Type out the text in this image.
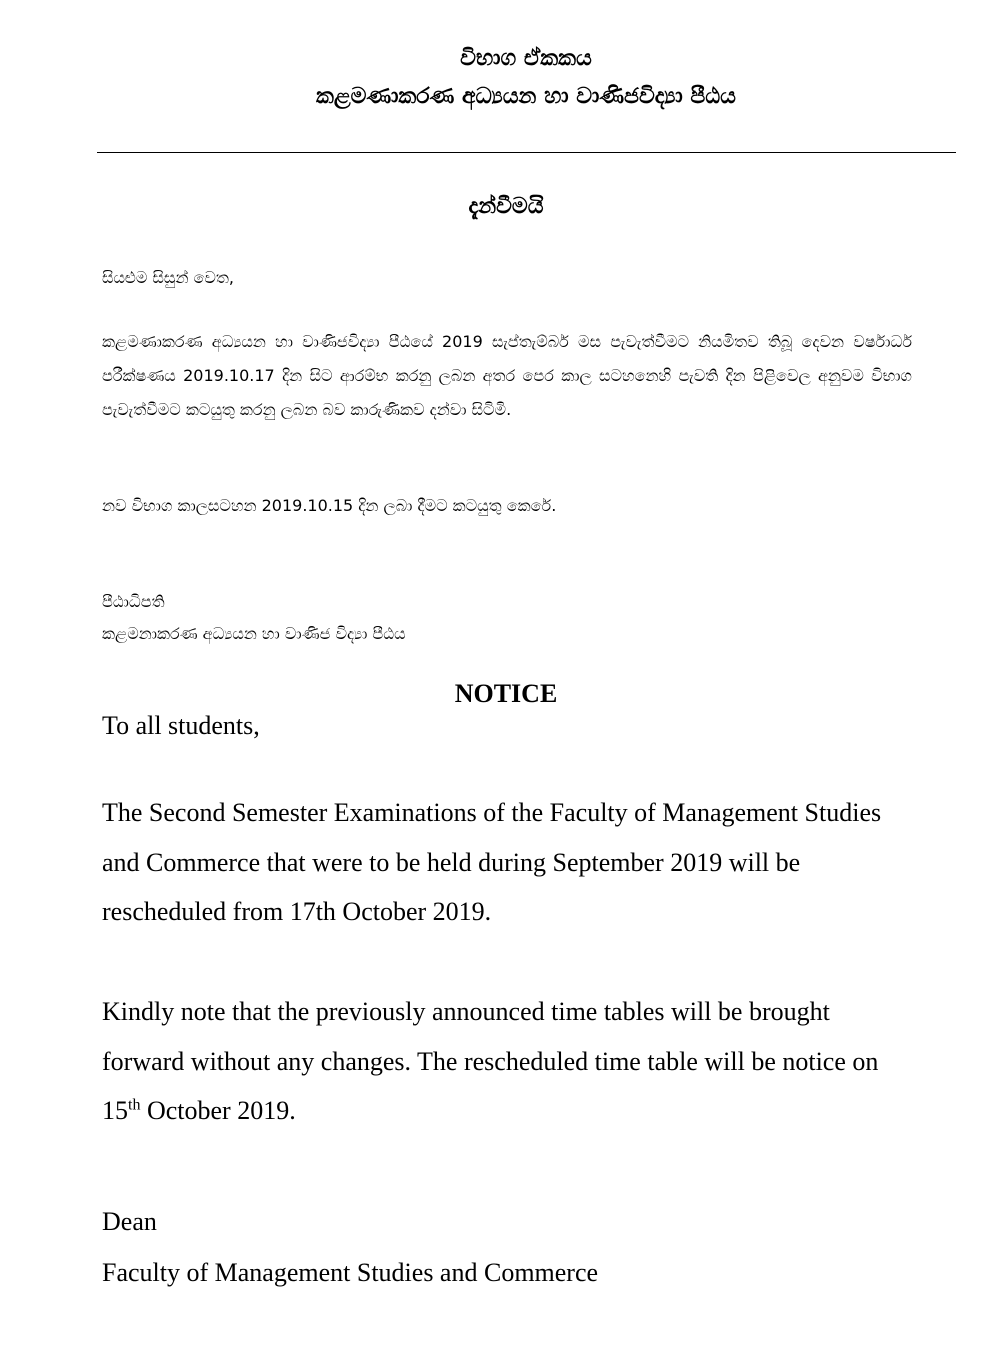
විභාග ඒකකය
කළමණාකරණ අධ්‍යයන හා වාණිජවිද්‍යා පීඨය
දැන්වීමයි
සියළුම සිසුන් වෙත,
කළමණාකරණ අධ්‍යයන හා වාණිජවිද්‍යා පීඨයේ 2019 සැප්තැම්බර් මස පැවැත්වීමට නියමිතව තිබූ දෙවන වර්ෂාර්ධ පරීක්ෂණය 2019.10.17 දින සිට ආරම්භ කරනු ලබන අතර පෙර කාල සටහනෙහි පැවති දින පිළිවෙල අනුවම විභාග පැවැත්වීමට කටයුතු කරනු ලබන බව කාරුණිකව දන්වා සිටිමි.
නව විභාග කාලසටහන 2019.10.15 දින ලබා දීමට කටයුතු කෙරේ.
පීඨාධිපති
කළමනාකරණ අධ්‍යයන හා වාණිජ විද්‍යා පීඨය
NOTICE
To all students,
The Second Semester Examinations of the Faculty of Management Studies and Commerce that were to be held during September 2019 will be rescheduled from 17th October 2019.
Kindly note that the previously announced time tables will be brought forward without any changes. The rescheduled time table will be notice on 15th October 2019.
Dean
Faculty of Management Studies and Commerce
